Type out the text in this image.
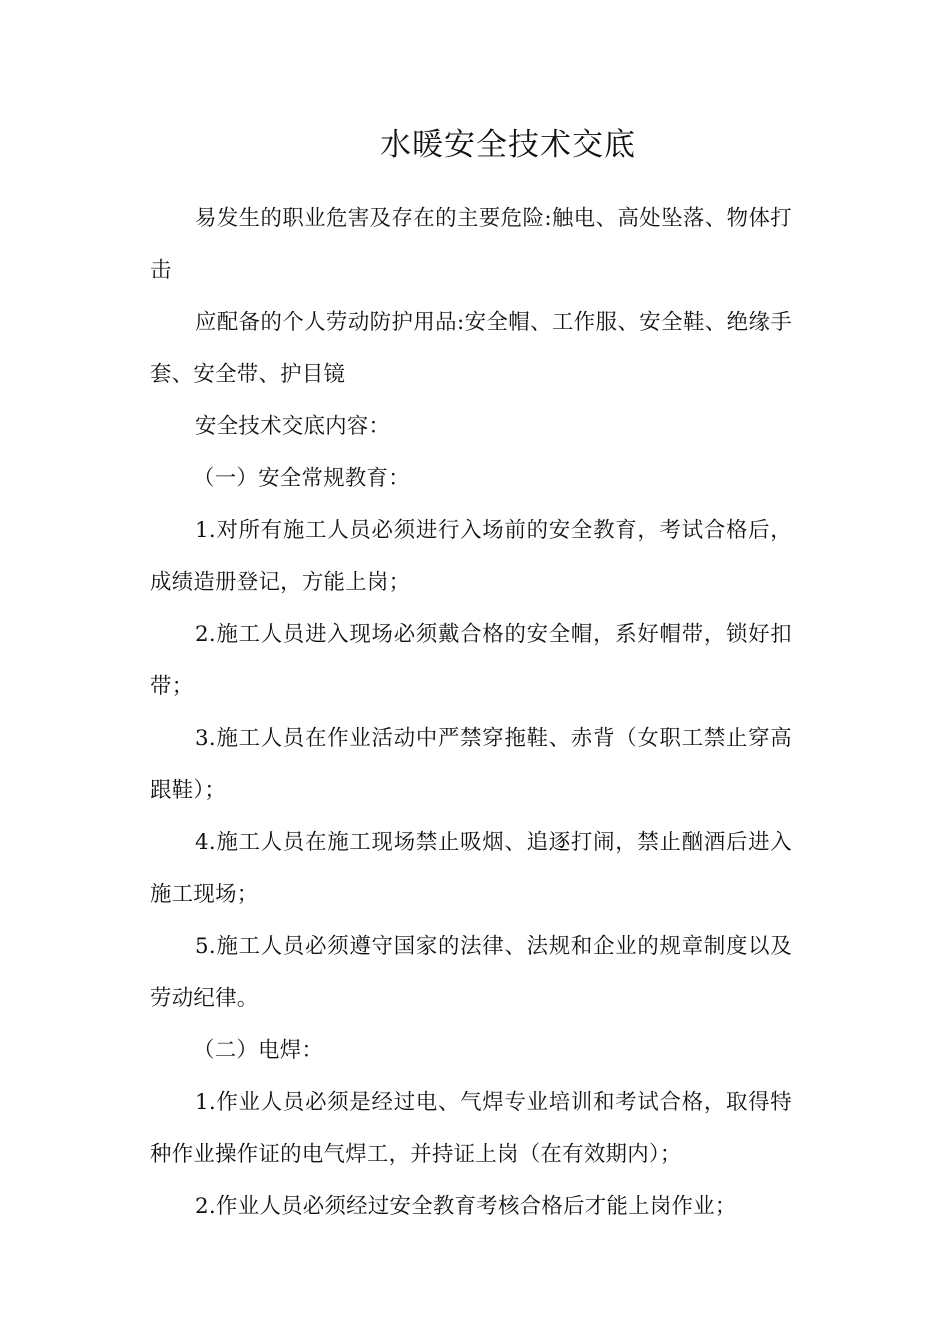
水暖安全技术交底

易发生的职业危害及存在的主要危险:触电、高处坠落、物体打击

应配备的个人劳动防护用品:安全帽、工作服、安全鞋、绝缘手套、安全带、护目镜

安全技术交底内容：

（一）安全常规教育：

1.对所有施工人员必须进行入场前的安全教育，考试合格后，成绩造册登记，方能上岗；

2.施工人员进入现场必须戴合格的安全帽，系好帽带，锁好扣带；

3.施工人员在作业活动中严禁穿拖鞋、赤背（女职工禁止穿高跟鞋）；

4.施工人员在施工现场禁止吸烟、追逐打闹，禁止酗酒后进入施工现场；

5.施工人员必须遵守国家的法律、法规和企业的规章制度以及劳动纪律。

（二）电焊：

1.作业人员必须是经过电、气焊专业培训和考试合格，取得特种作业操作证的电气焊工，并持证上岗（在有效期内）；

2.作业人员必须经过安全教育考核合格后才能上岗作业；
